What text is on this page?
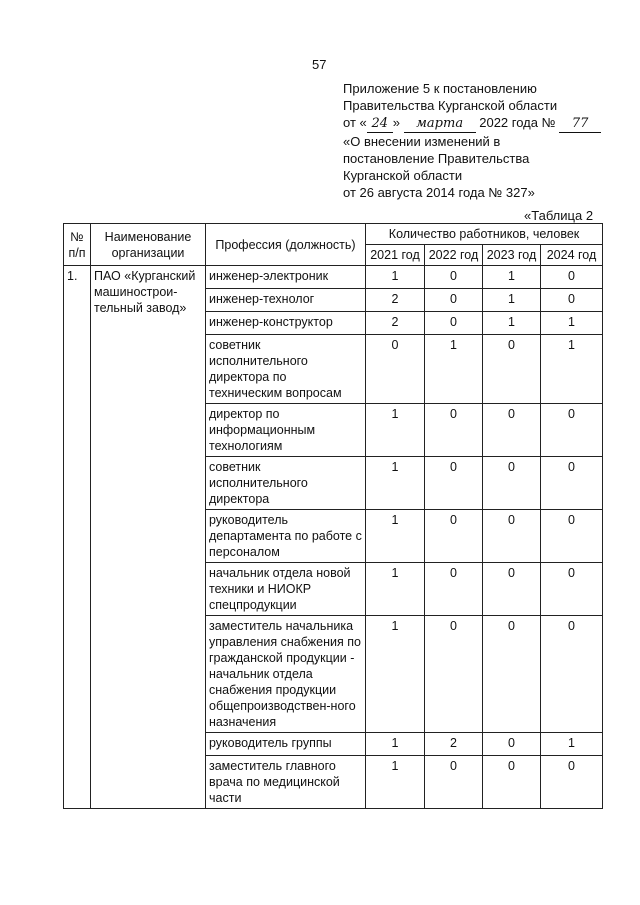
57
Приложение 5 к постановлению
Правительства Курганской области
от « 24 » марта 2022 года № 77
«О внесении изменений в
постановление Правительства
Курганской области
от 26 августа 2014 года № 327»
«Таблица 2
№ п/п	Наименование организации	Профессия (должность)	Количество работников, человек			
			2021 год	2022 год	2023 год	2024 год
1.	ПАО «Курганский машинострои-тельный завод»	инженер-электроник	1	0	1	0
		инженер-технолог	2	0	1	0
		инженер-конструктор	2	0	1	1
		советник исполнительного директора по техническим вопросам	0	1	0	1
		директор по информационным технологиям	1	0	0	0
		советник исполнительного директора	1	0	0	0
		руководитель департамента по работе с персоналом	1	0	0	0
		начальник отдела новой техники и НИОКР спецпродукции	1	0	0	0
		заместитель начальника управления снабжения по гражданской продукции - начальник отдела снабжения продукции общепроизводствен-ного назначения	1	0	0	0
		руководитель группы	1	2	0	1
		заместитель главного врача по медицинской части	1	0	0	0
